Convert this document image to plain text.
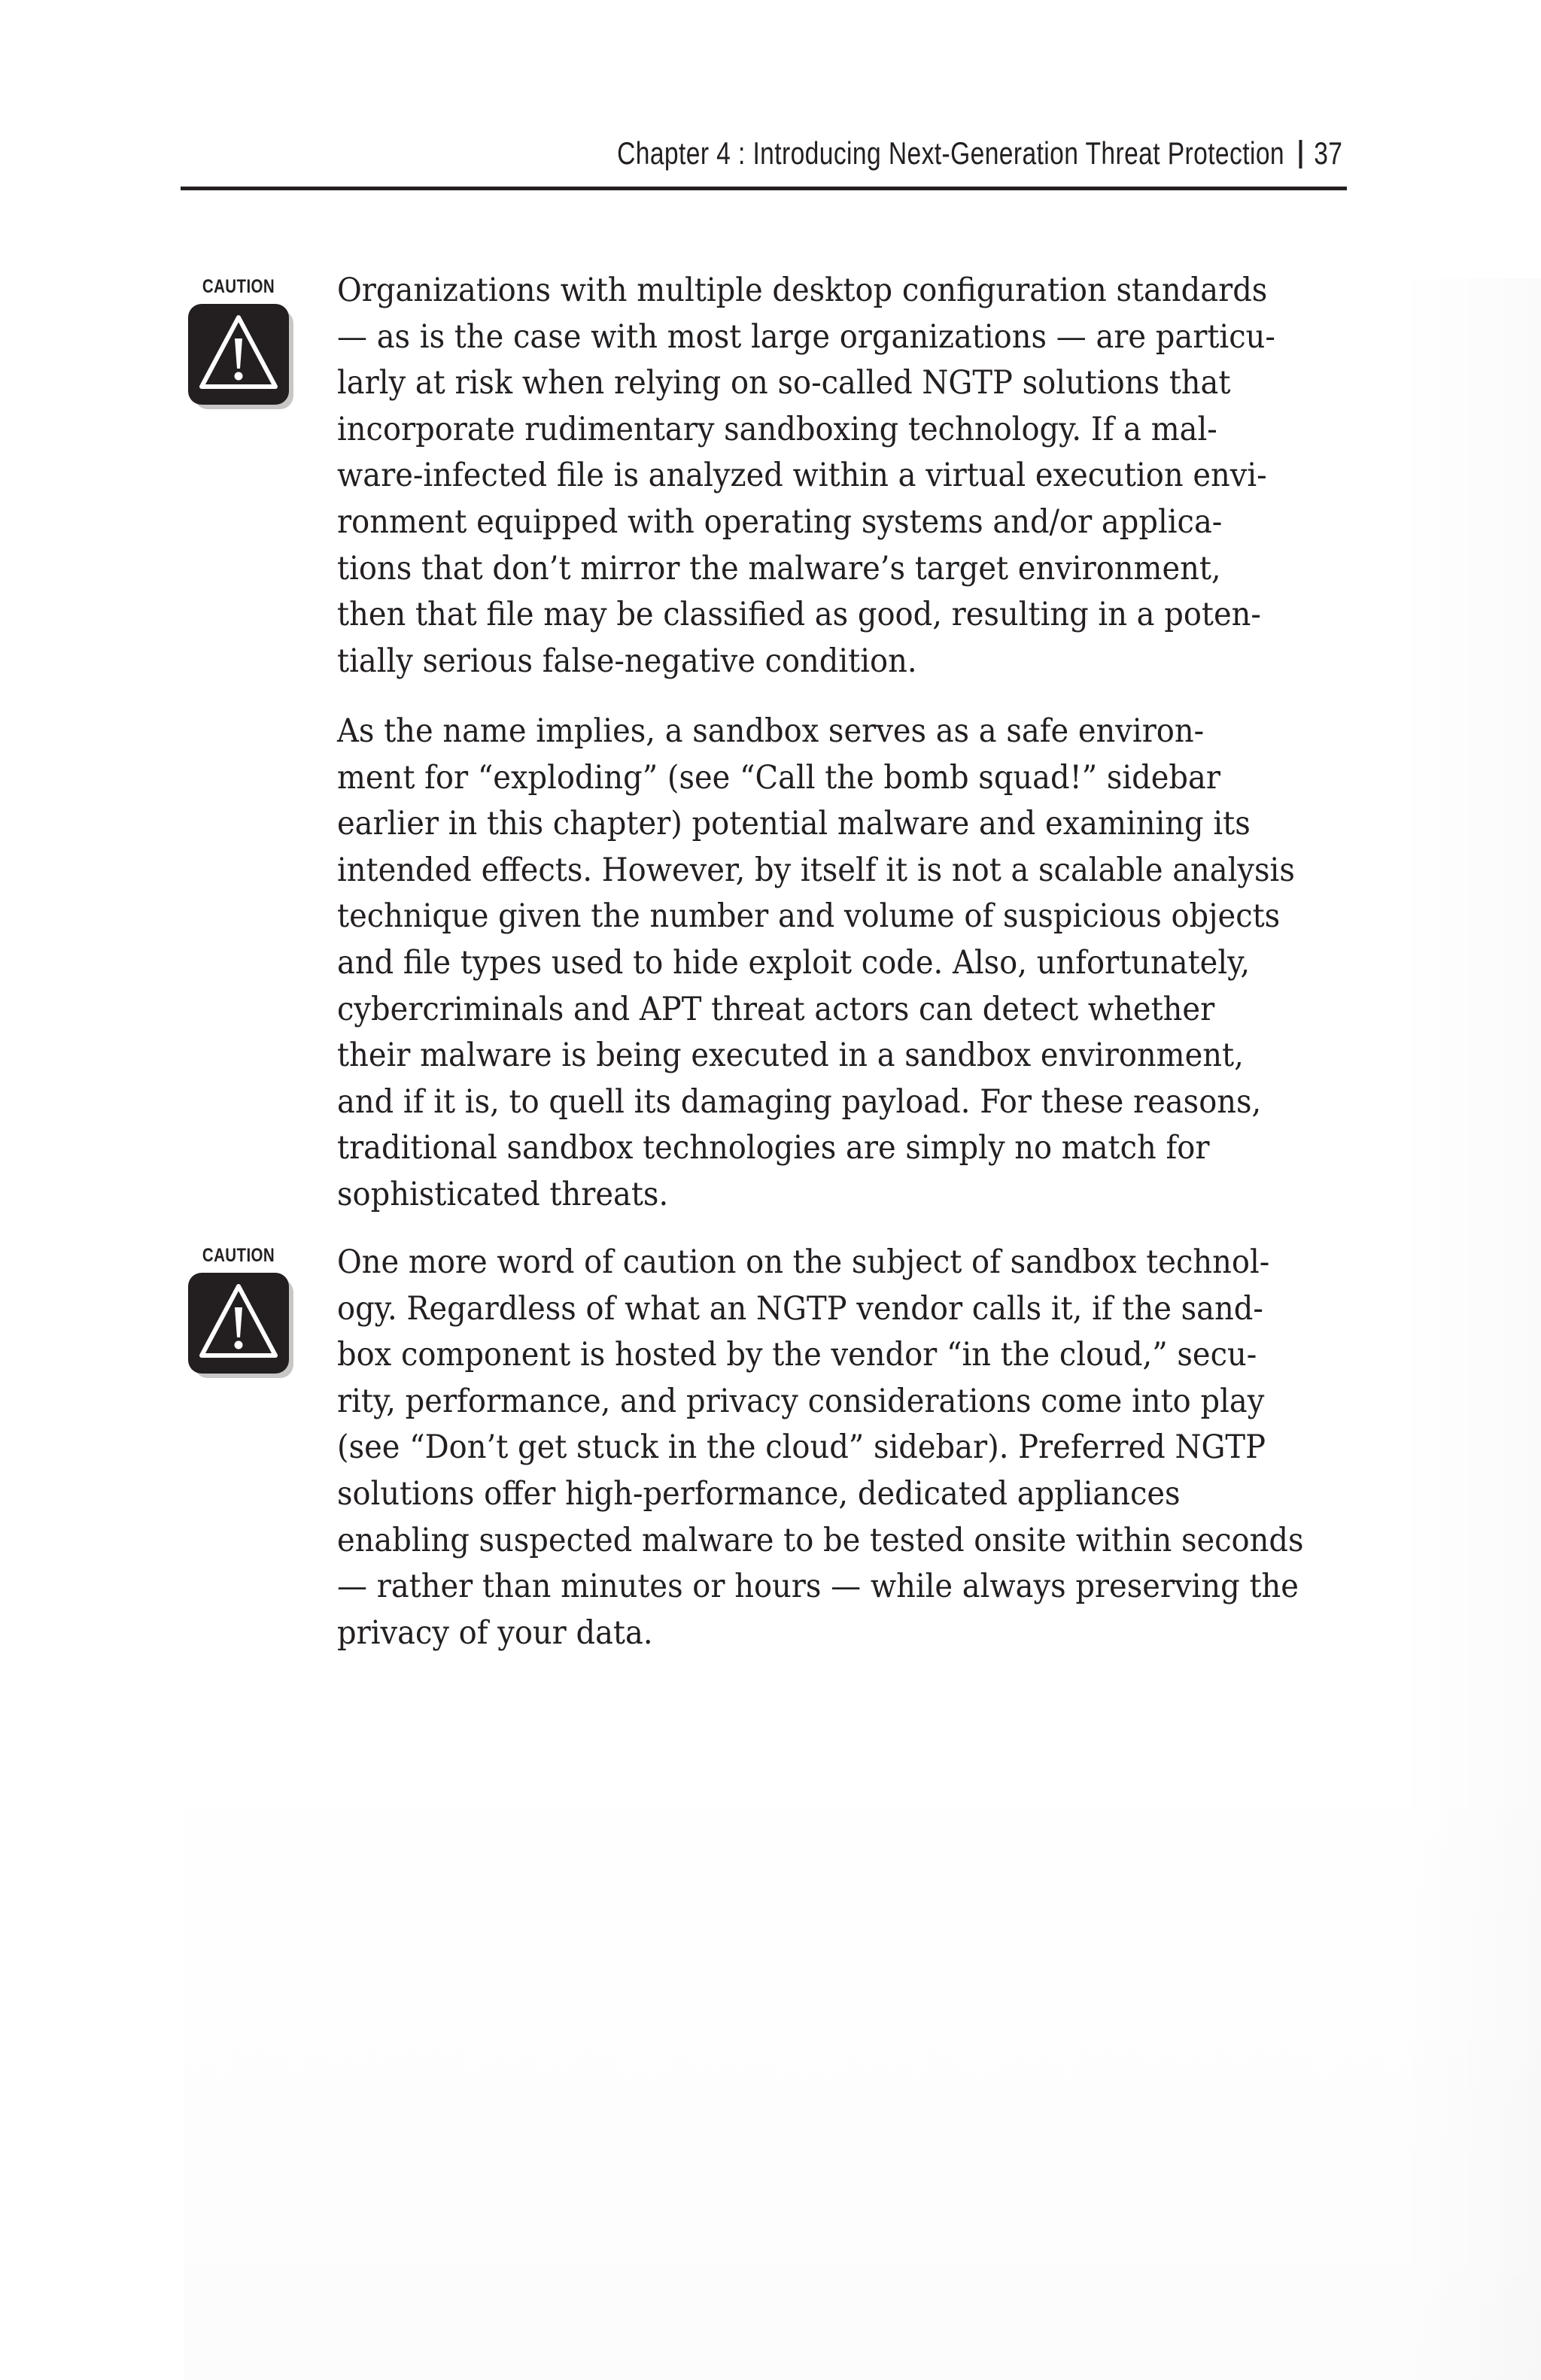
Chapter 4 : Introducing Next-Generation Threat Protection 37
CAUTION
CAUTION
Organizations with multiple desktop configuration standards
— as is the case with most large organizations — are particu-
larly at risk when relying on so-called NGTP solutions that
incorporate rudimentary sandboxing technology. If a mal-
ware-infected file is analyzed within a virtual execution envi-
ronment equipped with operating systems and/or applica-
tions that don’t mirror the malware’s target environment,
then that file may be classified as good, resulting in a poten-
tially serious false-negative condition.
As the name implies, a sandbox serves as a safe environ-
ment for “exploding” (see “Call the bomb squad!” sidebar
earlier in this chapter) potential malware and examining its
intended effects. However, by itself it is not a scalable analysis
technique given the number and volume of suspicious objects
and file types used to hide exploit code. Also, unfortunately,
cybercriminals and APT threat actors can detect whether
their malware is being executed in a sandbox environment,
and if it is, to quell its damaging payload. For these reasons,
traditional sandbox technologies are simply no match for
sophisticated threats.
One more word of caution on the subject of sandbox technol-
ogy. Regardless of what an NGTP vendor calls it, if the sand-
box component is hosted by the vendor “in the cloud,” secu-
rity, performance, and privacy considerations come into play
(see “Don’t get stuck in the cloud” sidebar). Preferred NGTP
solutions offer high-performance, dedicated appliances
enabling suspected malware to be tested onsite within seconds
— rather than minutes or hours — while always preserving the
privacy of your data.
